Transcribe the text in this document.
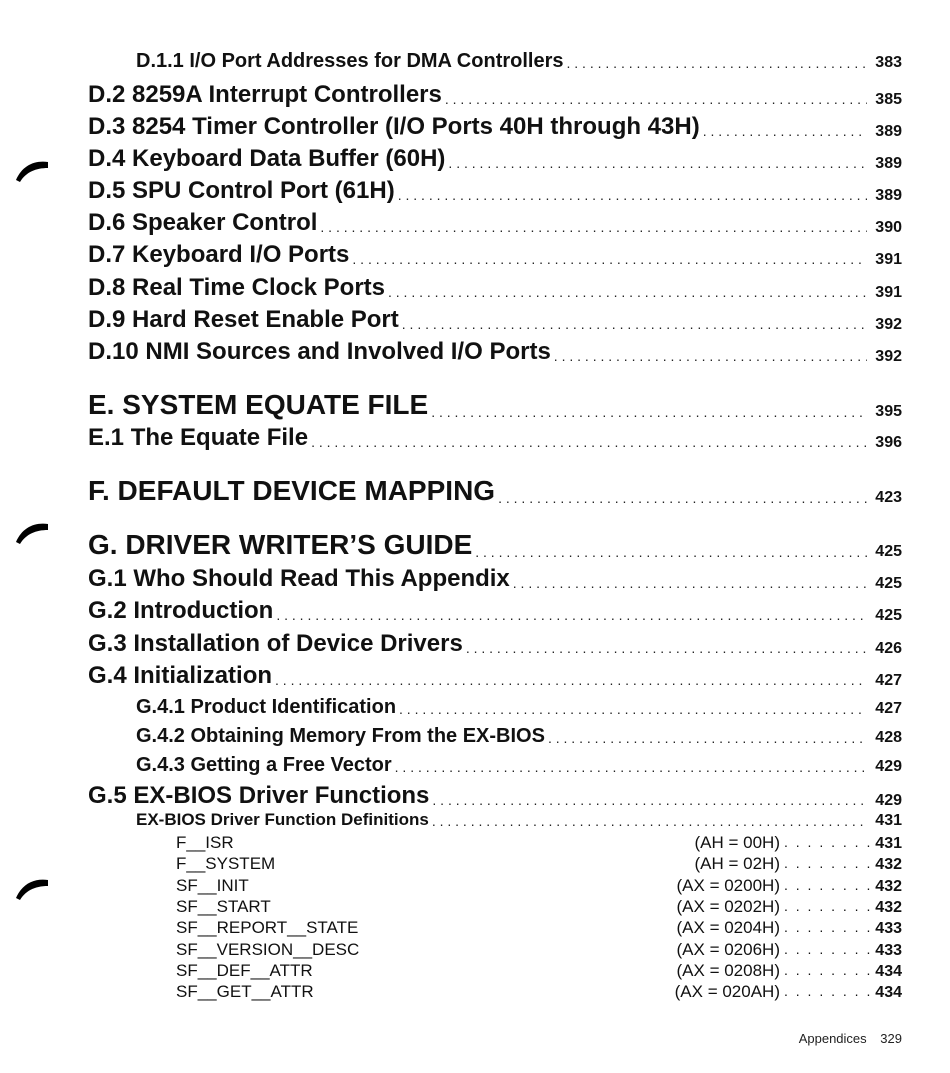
D.1.1 I/O Port Addresses for DMA Controllers . . .	383
D.2 8259A Interrupt Controllers . . .	385
D.3 8254 Timer Controller (I/O Ports 40H through 43H) . . .	389
D.4 Keyboard Data Buffer (60H) . . .	389
D.5 SPU Control Port (61H) . . .	389
D.6 Speaker Control . . .	390
D.7 Keyboard I/O Ports . . .	391
D.8 Real Time Clock Ports . . .	391
D.9 Hard Reset Enable Port . . .	392
D.10 NMI Sources and Involved I/O Ports . . .	392
E. SYSTEM EQUATE FILE . . .	395
E.1 The Equate File . . .	396
F. DEFAULT DEVICE MAPPING . . .	423
G. DRIVER WRITER’S GUIDE . . .	425
G.1 Who Should Read This Appendix . . .	425
G.2 Introduction . . .	425
G.3 Installation of Device Drivers . . .	426
G.4 Initialization . . .	427
G.4.1 Product Identification . . .	427
G.4.2 Obtaining Memory From the EX-BIOS . . .	428
G.4.3 Getting a Free Vector . . .	429
G.5 EX-BIOS Driver Functions . . .	429
EX-BIOS Driver Function Definitions . . .	431
F__ISR	(AH = 00H) . . .	431
F__SYSTEM	(AH = 02H) . . .	432
SF__INIT	(AX = 0200H) . . .	432
SF__START	(AX = 0202H) . . .	432
SF__REPORT__STATE	(AX = 0204H) . . .	433
SF__VERSION__DESC	(AX = 0206H) . . .	433
SF__DEF__ATTR	(AX = 0208H) . . .	434
SF__GET__ATTR	(AX = 020AH) . . .	434
Appendices 329
